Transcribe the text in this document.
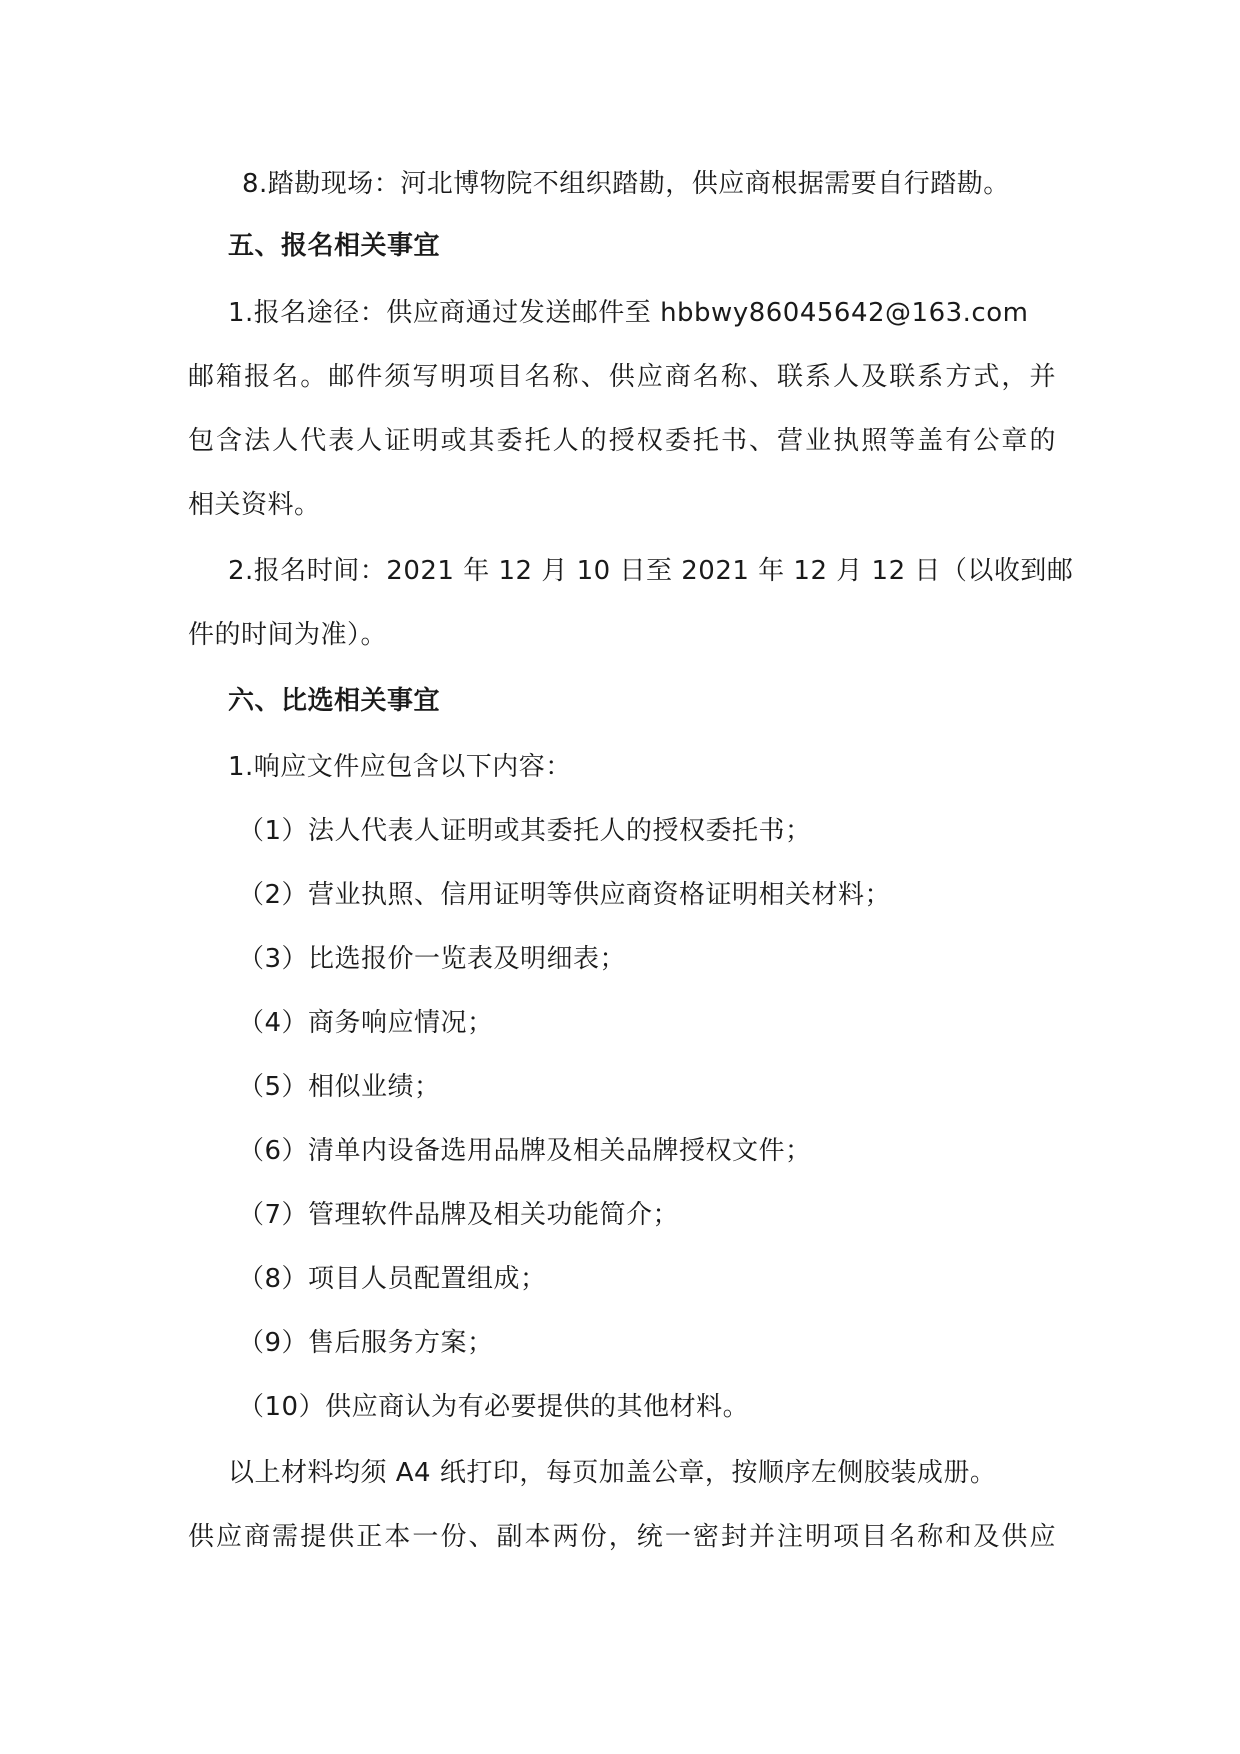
8.踏勘现场：河北博物院不组织踏勘，供应商根据需要自行踏勘。
五、报名相关事宜
1.报名途径：供应商通过发送邮件至 hbbwy86045642@163.com
邮箱报名。邮件须写明项目名称、供应商名称、联系人及联系方式，并
包含法人代表人证明或其委托人的授权委托书、营业执照等盖有公章的
相关资料。
2.报名时间：2021 年 12 月 10 日至 2021 年 12 月 12 日（以收到邮
件的时间为准）。
六、比选相关事宜
1.响应文件应包含以下内容：
（1）法人代表人证明或其委托人的授权委托书；
（2）营业执照、信用证明等供应商资格证明相关材料；
（3）比选报价一览表及明细表；
（4）商务响应情况；
（5）相似业绩；
（6）清单内设备选用品牌及相关品牌授权文件；
（7）管理软件品牌及相关功能简介；
（8）项目人员配置组成；
（9）售后服务方案；
（10）供应商认为有必要提供的其他材料。
以上材料均须 A4 纸打印，每页加盖公章，按顺序左侧胶装成册。
供应商需提供正本一份、副本两份，统一密封并注明项目名称和及供应
